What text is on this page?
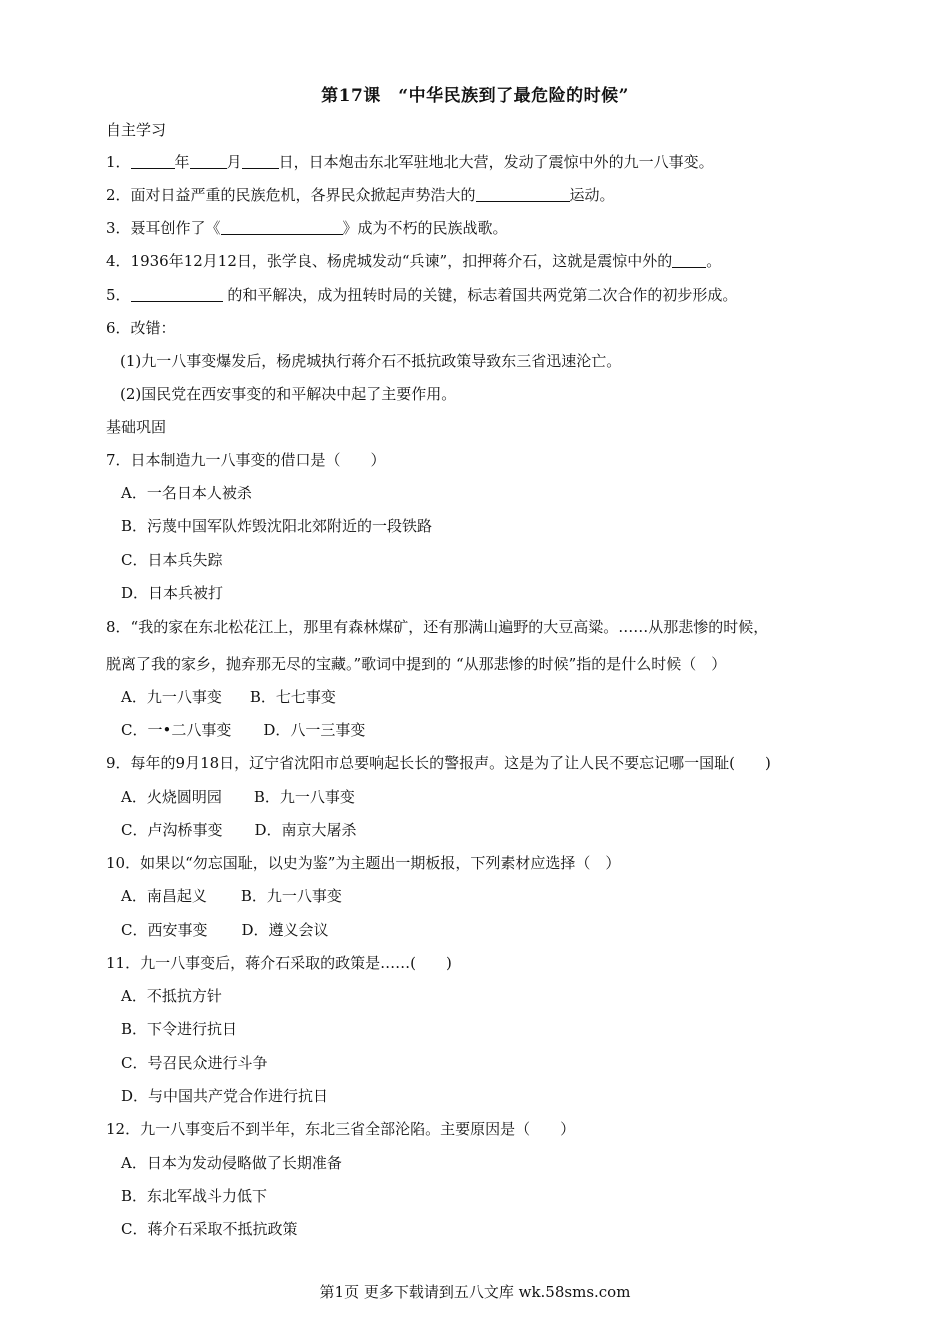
第17课　“中华民族到了最危险的时候”
自主学习
1．	年 月 日，日本炮击东北军驻地北大营，发动了震惊中外的九一八事变。
2．面对日益严重的民族危机，各界民众掀起声势浩大的	运动。
3．聂耳创作了《	》成为不朽的民族战歌。
4．1936年12月12日，张学良、杨虎城发动“兵谏”，扣押蒋介石，这就是震惊中外的 。
5．	的和平解决，成为扭转时局的关键，标志着国共两党第二次合作的初步形成。
6．改错：
(1)九一八事变爆发后，杨虎城执行蒋介石不抵抗政策导致东三省迅速沦亡。
(2)国民党在西安事变的和平解决中起了主要作用。
基础巩固
7．日本制造九一八事变的借口是（　　）
A．一名日本人被杀
B．污蔑中国军队炸毁沈阳北郊附近的一段铁路
C．日本兵失踪
D．日本兵被打
8．“我的家在东北松花江上，那里有森林煤矿，还有那满山遍野的大豆高粱。……从那悲惨的时候，
脱离了我的家乡，抛弃那无尽的宝藏。”歌词中提到的 “从那悲惨的时候”指的是什么时候（　）
A．九一八事变 B．七七事变
C．一•二八事变 D．八一三事变
9．每年的9月18日，辽宁省沈阳市总要响起长长的警报声。这是为了让人民不要忘记哪一国耻(　　)
A．火烧圆明园 B．九一八事变
C．卢沟桥事变 D．南京大屠杀
10．如果以“勿忘国耻，以史为鉴”为主题出一期板报，下列素材应选择（　）
A．南昌起义 B．九一八事变
C．西安事变 D．遵义会议
11．九一八事变后，蒋介石采取的政策是……(　　)
A．不抵抗方针
B．下令进行抗日
C．号召民众进行斗争
D．与中国共产党合作进行抗日
12．九一八事变后不到半年，东北三省全部沦陷。主要原因是（　　）
A．日本为发动侵略做了长期准备
B．东北军战斗力低下
C．蒋介石采取不抵抗政策
第1页 更多下载请到五八文库 wk.58sms.com
